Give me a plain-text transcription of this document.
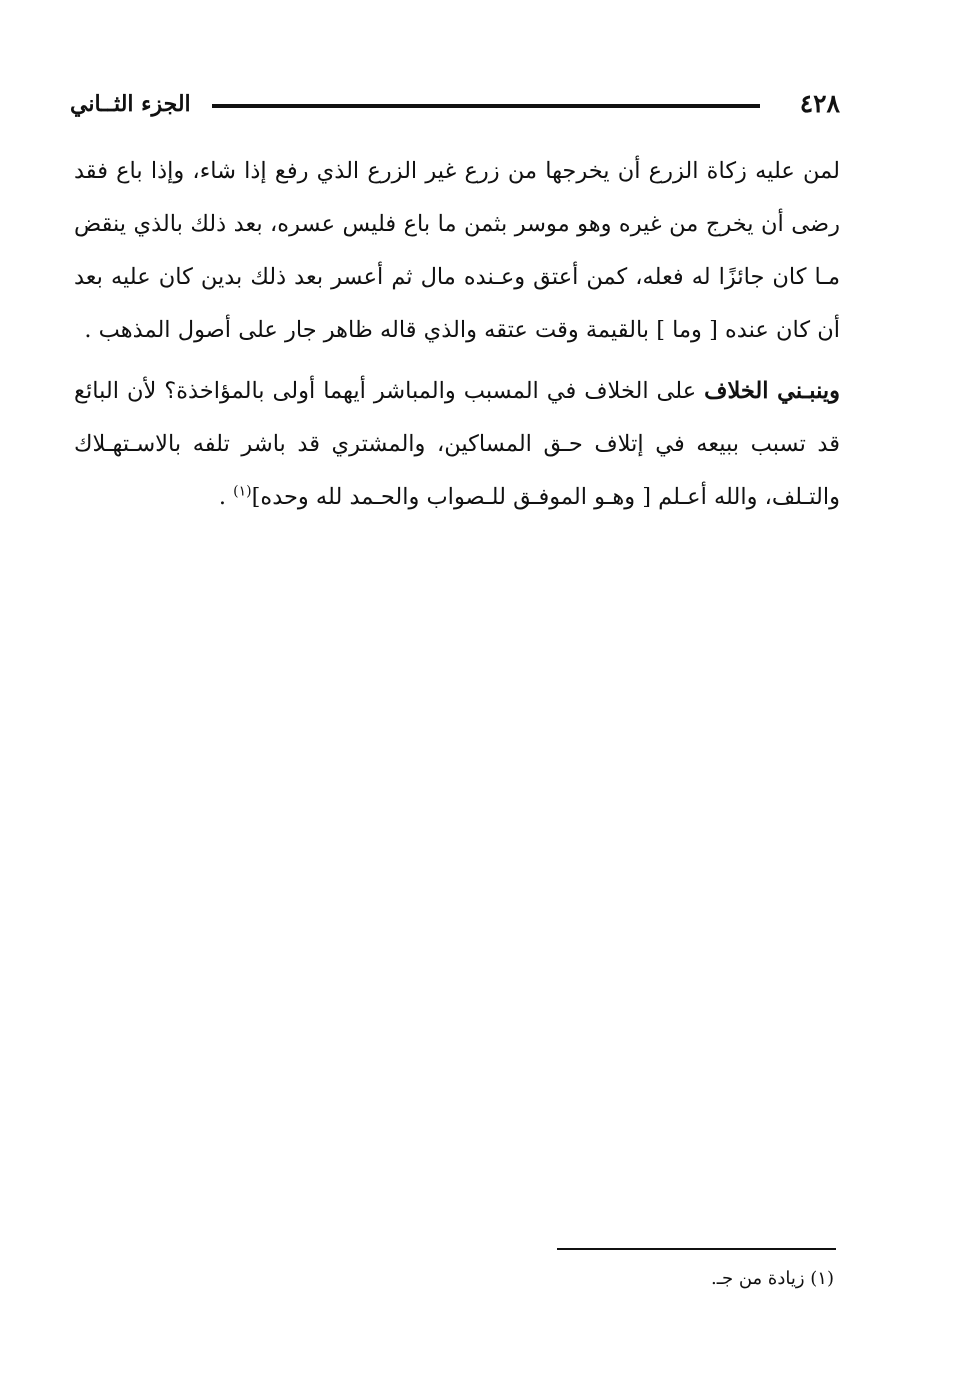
٤٢٨
الجزء الثــاني

لمن عليه زكاة الزرع أن يخرجها من زرع غير الزرع الذي رفع إذا شاء، وإذا باع فقد رضى أن يخرج من غيره وهو موسر بثمن ما باع فليس عسره، بعد ذلك بالذي ينقض مـا كان جائزًا له فعله، كمن أعتق وعـنده مال ثم أعسر بعد ذلك بدين كان عليه بعد أن كان عنده [ وما ] بالقيمة وقت عتقه والذي قاله ظاهر جار على أصول المذهب .

وينبـني الخلاف على الخلاف في المسبب والمباشر أيهما أولى بالمؤاخذة؟ لأن البائع قد تسبب ببيعه في إتلاف حـق المساكين، والمشتري قد باشر تلفه بالاسـتهـلاك والتـلف، والله أعـلم [ وهـو الموفـق للـصواب والحـمد لله وحده]$^{(١)}$ .

(١) زيادة من جـ.
